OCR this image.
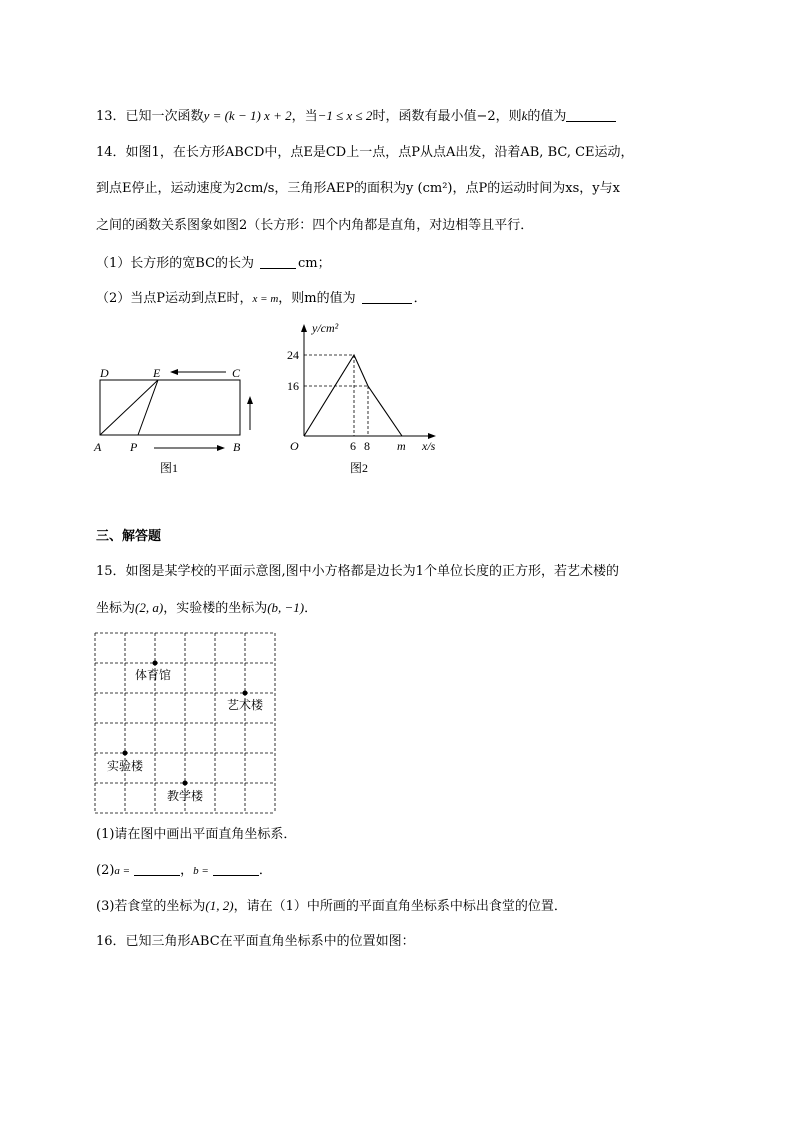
13．已知一次函数y = (k − 1) x + 2，当−1 ≤ x ≤ 2时，函数有最小值−2，则k的值为
14．如图1，在长方形ABCD中，点E是CD上一点，点P从点A出发，沿着AB, BC, CE运动，
到点E停止，运动速度为2cm/s，三角形AEP的面积为y (cm²)，点P的运动时间为xs，y与x
之间的函数关系图象如图2（长方形：四个内角都是直角，对边相等且平行．
（1）长方形的宽BC的长为	cm；
（2）当点P运动到点E时，x = m，则m的值为	．
D	E	C
A P	B
图1
y/cm²
x/s
O
24
16
6 8 m
图2
三、解答题
15．如图是某学校的平面示意图,图中小方格都是边长为1个单位长度的正方形，若艺术楼的
坐标为(2, a)，实验楼的坐标为(b, −1)．
体育馆
艺术楼
实验楼
教学楼
(1)请在图中画出平面直角坐标系．
(2)a =	，b =	．
(3)若食堂的坐标为(1, 2)，请在（1）中所画的平面直角坐标系中标出食堂的位置．
16．已知三角形ABC在平面直角坐标系中的位置如图：
